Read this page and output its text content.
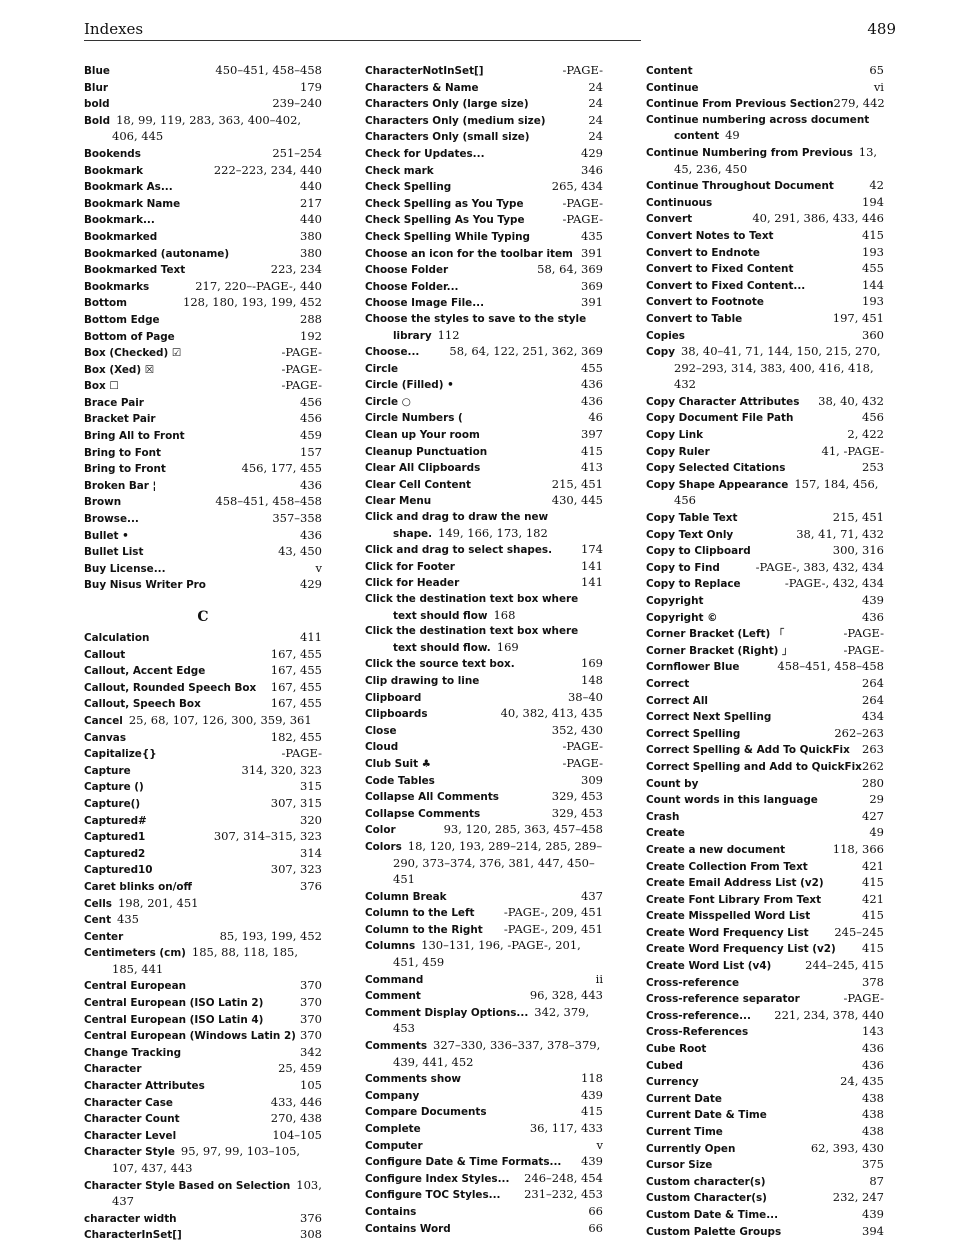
Indexes	489
Blue	450–451, 458–458
Blur	179
bold	239–240
Bold 18, 99, 119, 283, 363, 400–402, 406, 445
Bookends	251–254
Bookmark	222–223, 234, 440
Bookmark As...	440
Bookmark Name	217
Bookmark...	440
Bookmarked	380
Bookmarked (autoname)	380
Bookmarked Text	223, 234
Bookmarks	217, 220–-PAGE-, 440
Bottom	128, 180, 193, 199, 452
Bottom Edge	288
Bottom of Page	192
Box (Checked) ☑	-PAGE-
Box (Xed) ☒	-PAGE-
Box ☐	-PAGE-
Brace Pair	456
Bracket Pair	456
Bring All to Front	459
Bring to Font	157
Bring to Front	456, 177, 455
Broken Bar ¦	436
Brown	458–451, 458–458
Browse...	357–358
Bullet •	436
Bullet List	43, 450
Buy License...	v
Buy Nisus Writer Pro	429
C
Calculation	411
Callout	167, 455
Callout, Accent Edge	167, 455
Callout, Rounded Speech Box 167, 455
Callout, Speech Box	167, 455
Cancel 25, 68, 107, 126, 300, 359, 361
Canvas	182, 455
Capitalize{}	-PAGE-
Capture	314, 320, 323
Capture ()	315
Capture()	307, 315
Captured#	320
Captured1	307, 314–315, 323
Captured2	314
Captured10	307, 323
Caret blinks on/off	376
Cells 198, 201, 451
Cent 435
Center	85, 193, 199, 452
Centimeters (cm) 185, 88, 118, 185, 185, 441
Central European	370
Central European (ISO Latin 2)	370
Central European (ISO Latin 4)	370
Central European (Windows Latin 2) 370
Change Tracking	342
Character	25, 459
Character Attributes	105
Character Case	433, 446
Character Count	270, 438
Character Level	104–105
Character Style 95, 97, 99, 103–105, 107, 437, 443
Character Style Based on Selection 103, 437
character width	376
CharacterInSet[]	308
CharacterNotInSet[]	-PAGE-
Characters & Name	24
Characters Only (large size)	24
Characters Only (medium size)	24
Characters Only (small size)	24
Check for Updates...	429
Check mark	346
Check Spelling	265, 434
Check Spelling as You Type	-PAGE-
Check Spelling As You Type	-PAGE-
Check Spelling While Typing	435
Choose an icon for the toolbar item 391
Choose Folder	58, 64, 369
Choose Folder...	369
Choose Image File...	391
Choose the styles to save to the style library 112
Choose...	58, 64, 122, 251, 362, 369
Circle	455
Circle (Filled) •	436
Circle ○	436
Circle Numbers (	46
Clean up Your room	397
Cleanup Punctuation	415
Clear All Clipboards	413
Clear Cell Content	215, 451
Clear Menu	430, 445
Click and drag to draw the new shape. 149, 166, 173, 182
Click and drag to select shapes.	174
Click for Footer	141
Click for Header	141
Click the destination text box where text should flow 168
Click the destination text box where text should flow. 169
Click the source text box.	169
Clip drawing to line	148
Clipboard	38–40
Clipboards	40, 382, 413, 435
Close	352, 430
Cloud	-PAGE-
Club Suit ♣	-PAGE-
Code Tables	309
Collapse All Comments	329, 453
Collapse Comments	329, 453
Color	93, 120, 285, 363, 457–458
Colors 18, 120, 193, 289–214, 285, 289–290, 373–374, 376, 381, 447, 450–451
Column Break	437
Column to the Left	-PAGE-, 209, 451
Column to the Right -PAGE-, 209, 451
Columns 130–131, 196, -PAGE-, 201, 451, 459
Command	ii
Comment	96, 328, 443
Comment Display Options... 342, 379, 453
Comments 327–330, 336–337, 378–379, 439, 441, 452
Comments show	118
Company	439
Compare Documents	415
Complete	36, 117, 433
Computer	v
Configure Date & Time Formats... 439
Configure Index Styles... 246–248, 454
Configure TOC Styles... 231–232, 453
Contains	66
Contains Word	66
Content	65
Continue	vi
Continue From Previous Section 279, 442
Continue numbering across document content 49
Continue Numbering from Previous 13, 45, 236, 450
Continue Throughout Document	42
Continuous	194
Convert	40, 291, 386, 433, 446
Convert Notes to Text	415
Convert to Endnote	193
Convert to Fixed Content	455
Convert to Fixed Content...	144
Convert to Footnote	193
Convert to Table	197, 451
Copies	360
Copy 38, 40–41, 71, 144, 150, 215, 270, 292–293, 314, 383, 400, 416, 418, 432
Copy Character Attributes 38, 40, 432
Copy Document File Path	456
Copy Link	2, 422
Copy Ruler	41, -PAGE-
Copy Selected Citations	253
Copy Shape Appearance 157, 184, 456, 456
Copy Table Text	215, 451
Copy Text Only	38, 41, 71, 432
Copy to Clipboard	300, 316
Copy to Find	-PAGE-, 383, 432, 434
Copy to Replace	-PAGE-, 432, 434
Copyright	439
Copyright ©	436
Corner Bracket (Left) 「	-PAGE-
Corner Bracket (Right) 」	-PAGE-
Cornflower Blue	458–451, 458–458
Correct	264
Correct All	264
Correct Next Spelling	434
Correct Spelling	262–263
Correct Spelling & Add To QuickFix 263
Correct Spelling and Add to QuickFix 262
Count by	280
Count words in this language	29
Crash	427
Create	49
Create a new document	118, 366
Create Collection From Text	421
Create Email Address List (v2)	415
Create Font Library From Text	421
Create Misspelled Word List	415
Create Word Frequency List 245–245
Create Word Frequency List (v2) 415
Create Word List (v4)	244–245, 415
Cross-reference	378
Cross-reference separator	-PAGE-
Cross-reference... 221, 234, 378, 440
Cross-References	143
Cube Root	436
Cubed	436
Currency	24, 435
Current Date	438
Current Date & Time	438
Current Time	438
Currently Open	62, 393, 430
Cursor Size	375
Custom character(s)	87
Custom Character(s)	232, 247
Custom Date & Time...	439
Custom Palette Groups	394
